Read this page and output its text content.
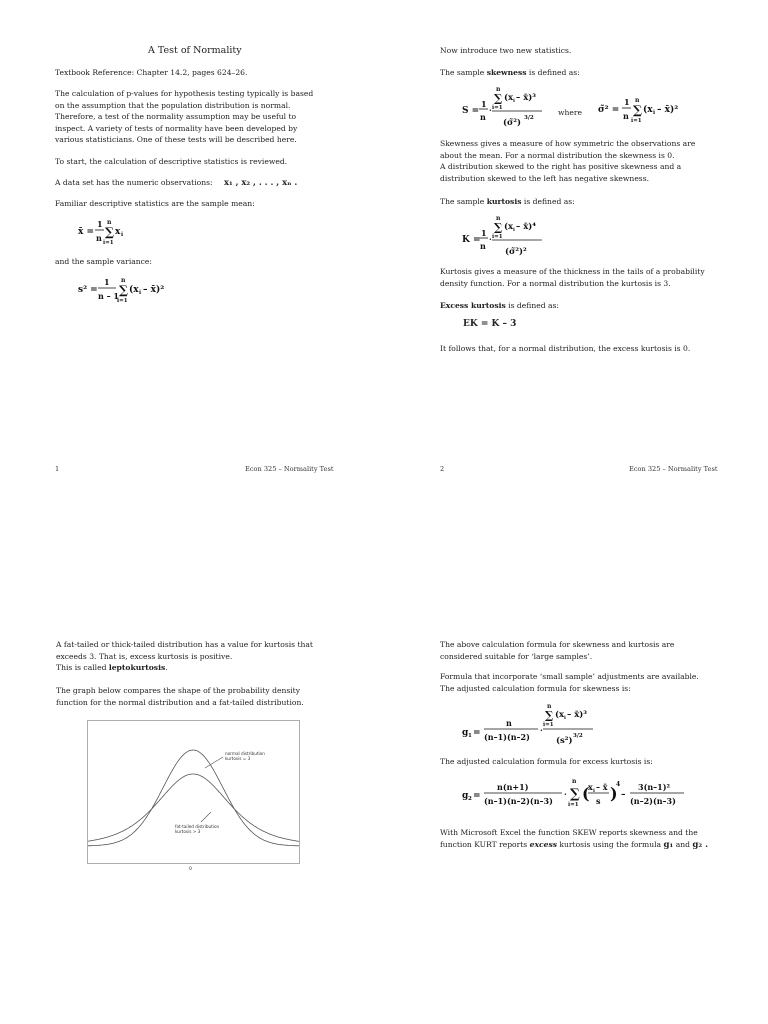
A Test of Normality
Textbook Reference: Chapter 14.2, pages 624–26.
The calculation of p-values for hypothesis testing typically is based
on the assumption that the population distribution is normal.
Therefore, a test of the normality assumption may be useful to
inspect. A variety of tests of normality have been developed by
various statisticians. One of these tests will be described here.
To start, the calculation of descriptive statistics is reviewed.
A data set has the numeric observations: x₁ , x₂ , . . . , xₙ .
Familiar descriptive statistics are the sample mean:
x̄ =
1
n
n
∑
i=1
x i
and the sample variance:
s² =
1
n – 1
n
∑
i=1
(x i – x̄)²
1	Econ 325 – Normality Test
Now introduce two new statistics.
The sample skewness is defined as:
S =
1
n
·
n
∑
i=1
(x i – x̄)³
(σ̃²) 3/2
where σ̃² =
1
n
n
∑
i=1
(x i – x̄)²
Skewness gives a measure of how symmetric the observations are
about the mean. For a normal distribution the skewness is 0.
A distribution skewed to the right has positive skewness and a
distribution skewed to the left has negative skewness.
The sample kurtosis is defined as:
K =
1
n
·
n
∑
i=1
(x i – x̄)⁴
(σ̃²)²
Kurtosis gives a measure of the thickness in the tails of a probability
density function. For a normal distribution the kurtosis is 3.
Excess kurtosis is defined as:
EK = K – 3
It follows that, for a normal distribution, the excess kurtosis is 0.
2	Econ 325 – Normality Test
A fat-tailed or thick-tailed distribution has a value for kurtosis that
exceeds 3. That is, excess kurtosis is positive.
This is called leptokurtosis.
The graph below compares the shape of the probability density
function for the normal distribution and a fat-tailed distribution.
normal distribution
kurtosis = 3
fat-tailed distribution
kurtosis > 3
0
The above calculation formula for skewness and kurtosis are
considered suitable for ‘large samples’.
Formula that incorporate ‘small sample’ adjustments are available.
The adjusted calculation formula for skewness is:
g 1 =
n
(n–1)(n–2)
·
n
∑
i=1
(x i – x̄)³
(s²) 3/2
The adjusted calculation formula for excess kurtosis is:
g 2 =
n(n+1)
(n–1)(n–2)(n–3)
·
n
∑
i=1
(
x i – x̄
s )
4
–
3(n–1)²
(n–2)(n–3)
With Microsoft Excel the function SKEW reports skewness and the
function KURT reports excess kurtosis using the formula g₁ and g₂ .
